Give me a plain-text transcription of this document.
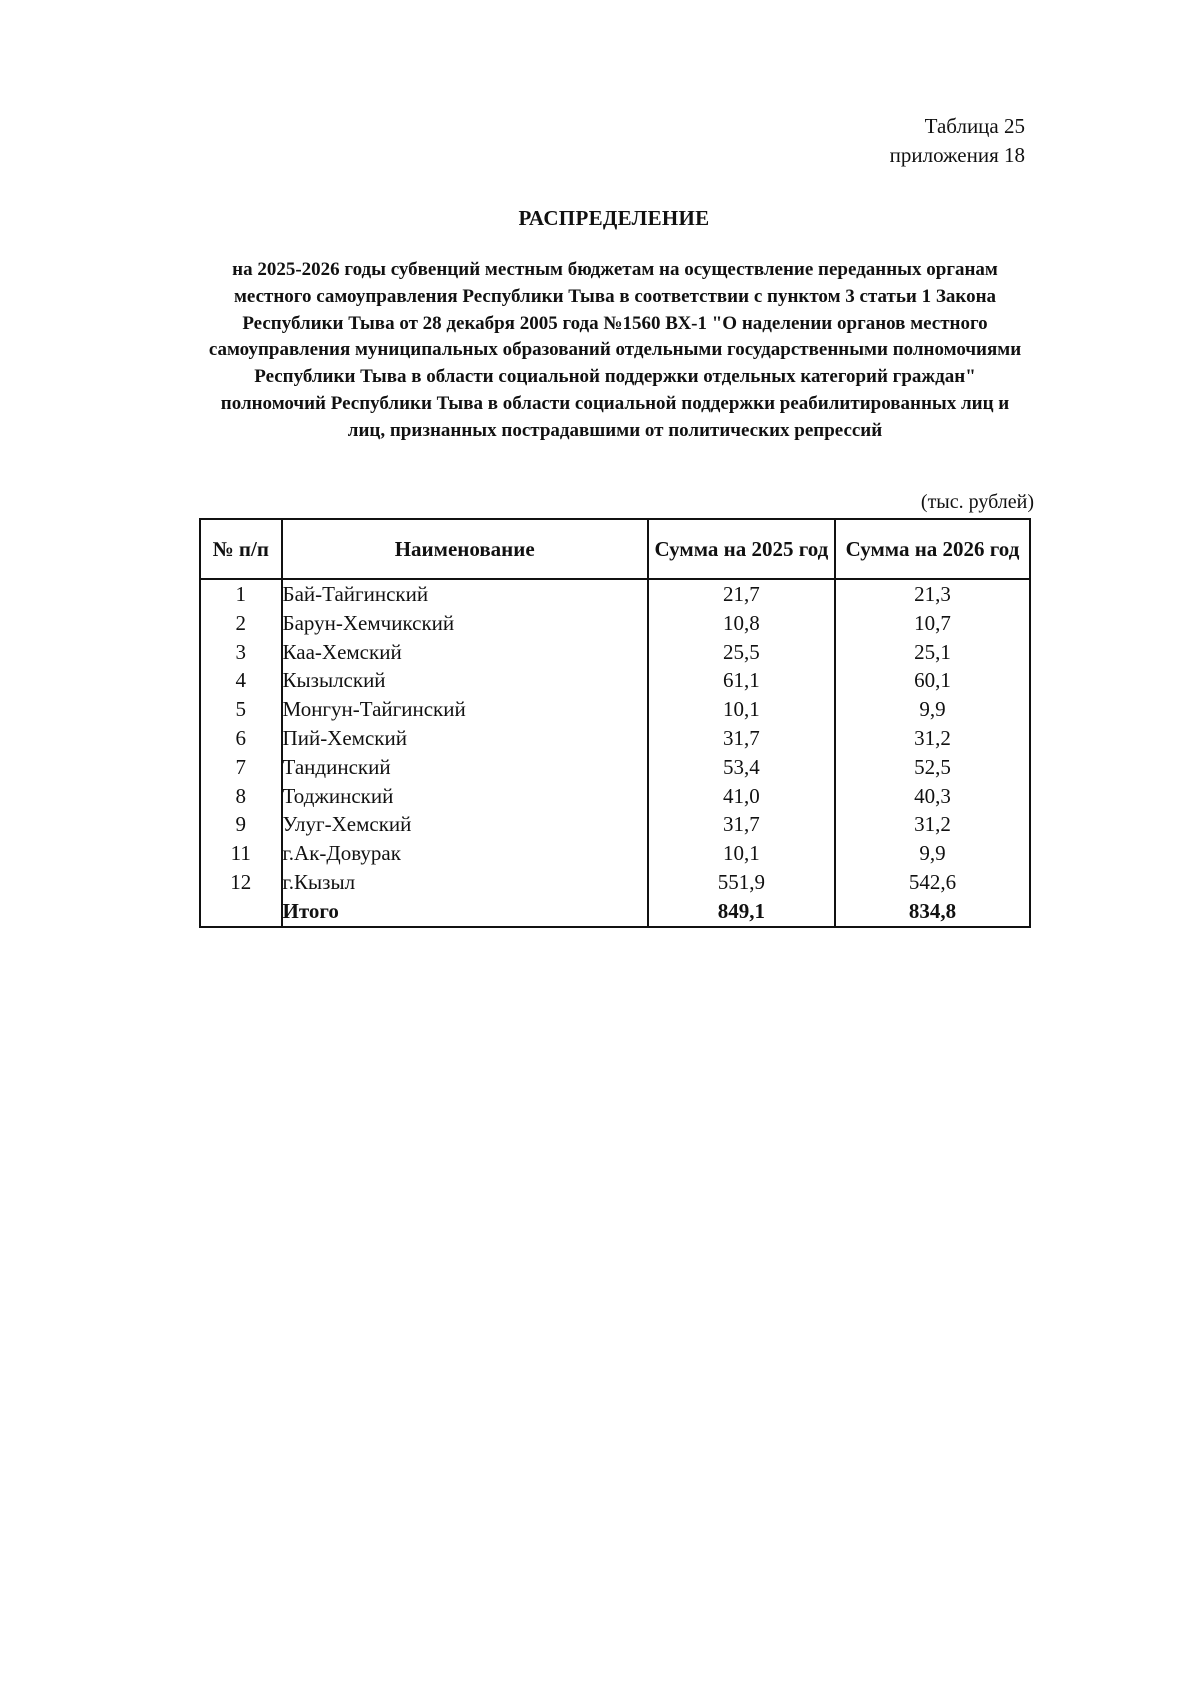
Таблица 25
приложения 18
РАСПРЕДЕЛЕНИЕ
на 2025-2026 годы субвенций местным бюджетам на осуществление переданных органам местного самоуправления Республики Тыва в соответствии с пунктом 3 статьи 1 Закона Республики Тыва от 28 декабря 2005 года №1560 ВХ-1 "О наделении органов местного самоуправления муниципальных образований отдельными государственными полномочиями Республики Тыва в области социальной поддержки отдельных категорий граждан" полномочий Республики Тыва в области социальной поддержки реабилитированных лиц и лиц, признанных пострадавшими от политических репрессий
(тыс. рублей)
№ п/п	Наименование	Сумма на 2025 год	Сумма на 2026 год
1	Бай-Тайгинский	21,7	21,3
2	Барун-Хемчикский	10,8	10,7
3	Каа-Хемский	25,5	25,1
4	Кызылский	61,1	60,1
5	Монгун-Тайгинский	10,1	9,9
6	Пий-Хемский	31,7	31,2
7	Тандинский	53,4	52,5
8	Тоджинский	41,0	40,3
9	Улуг-Хемский	31,7	31,2
11	г.Ак-Довурак	10,1	9,9
12	г.Кызыл	551,9	542,6
	Итого	849,1	834,8
